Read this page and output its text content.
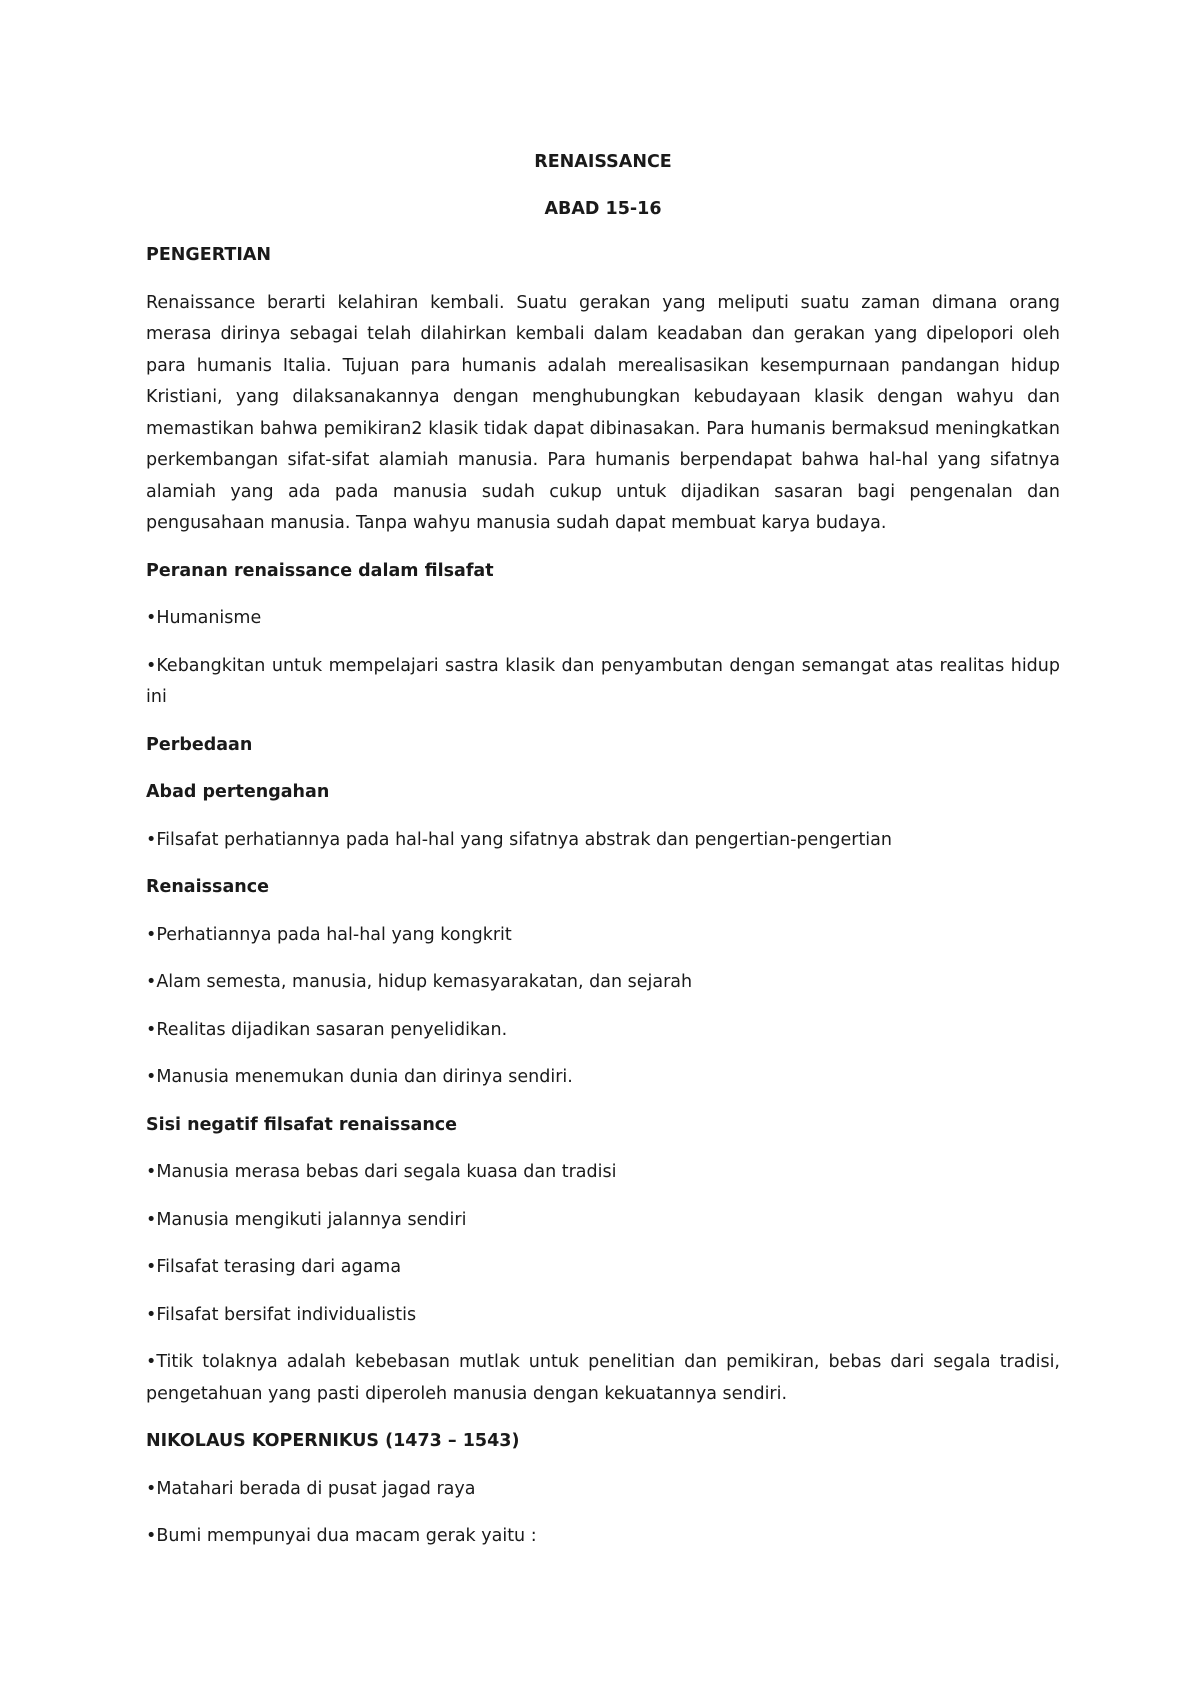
RENAISSANCE
ABAD 15-16
PENGERTIAN
Renaissance berarti kelahiran kembali. Suatu gerakan yang meliputi suatu zaman dimana orang merasa dirinya sebagai telah dilahirkan kembali dalam keadaban dan gerakan yang dipelopori oleh para humanis Italia. Tujuan para humanis adalah merealisasikan kesempurnaan pandangan hidup Kristiani, yang dilaksanakannya dengan menghubungkan kebudayaan klasik dengan wahyu dan memastikan bahwa pemikiran2 klasik tidak dapat dibinasakan. Para humanis bermaksud meningkatkan perkembangan sifat-sifat alamiah manusia. Para humanis berpendapat bahwa hal-hal yang sifatnya alamiah yang ada pada manusia sudah cukup untuk dijadikan sasaran bagi pengenalan dan pengusahaan manusia. Tanpa wahyu manusia sudah dapat membuat karya budaya.
Peranan renaissance dalam filsafat
•Humanisme
•Kebangkitan untuk mempelajari sastra klasik dan penyambutan dengan semangat atas realitas hidup ini
Perbedaan
Abad pertengahan
•Filsafat perhatiannya pada hal-hal yang sifatnya abstrak dan pengertian-pengertian
Renaissance
•Perhatiannya pada hal-hal yang kongkrit
•Alam semesta, manusia, hidup kemasyarakatan, dan sejarah
•Realitas dijadikan sasaran penyelidikan.
•Manusia menemukan dunia dan dirinya sendiri.
Sisi negatif filsafat renaissance
•Manusia merasa bebas dari segala kuasa dan tradisi
•Manusia mengikuti jalannya sendiri
•Filsafat terasing dari agama
•Filsafat bersifat individualistis
•Titik tolaknya adalah kebebasan mutlak untuk penelitian dan pemikiran, bebas dari segala tradisi, pengetahuan yang pasti diperoleh manusia dengan kekuatannya sendiri.
NIKOLAUS KOPERNIKUS (1473 – 1543)
•Matahari berada di pusat jagad raya
•Bumi mempunyai dua macam gerak yaitu :
